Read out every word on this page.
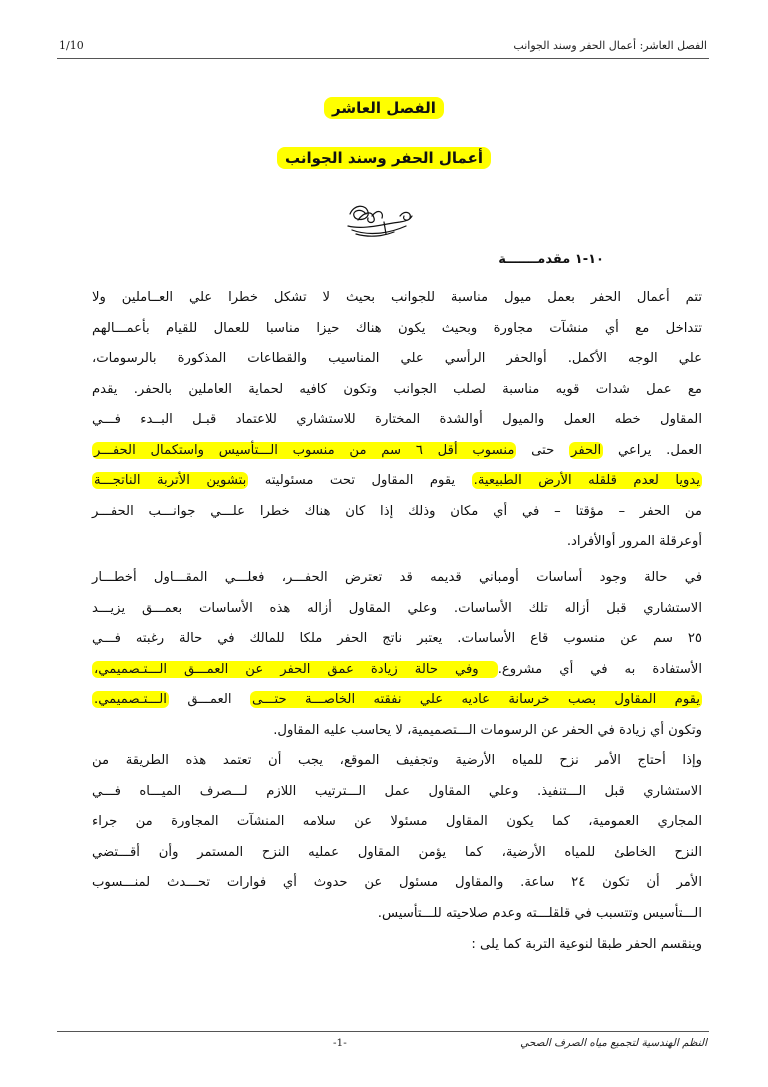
الفصل العاشر: أعمال الحفر وسند الجوانب
1/10
الفصل العاشر
أعمال الحفر وسند الجوانب
١٠-١ مقدمـــــــة
تتم أعمال الحفر بعمل ميول مناسبة للجوانب بحيث لا تشكل خطرا علي العــاملين ولا
تتداخل مع أي منشآت مجاورة وبحيث يكون هناك حيزا مناسبا للعمال للقيام بأعمـــالهم
علي الوجه الأكمل. أوالحفر الرأسي علي المناسيب والقطاعات المذكورة بالرسومات،
مع عمل شدات قويه مناسبة لصلب الجوانب وتكون كافيه لحماية العاملين بالحفر. يقدم
المقاول خطه العمل والميول أوالشدة المختارة للاستشاري للاعتماد قبـل البــدء فـــي
العمل. يراعي الحفر حتى منسوب أقل ٦ سم من منسوب الـــتأسيس واستكمال الحفـــر
يدويا لعدم قلقله الأرض الطبيعية. يقوم المقاول تحت مسئوليته بتشوين الأتربة الناتجـــة
من الحفر – مؤقتا – في أي مكان وذلك إذا كان هناك خطرا علـــي جوانـــب الحفـــر
أوعرقلة المرور أوالأفراد.
في حالة وجود أساسات أومباني قديمه قد تعترض الحفـــر، فعلـــي المقـــاول أخطـــار
الاستشاري قبل أزاله تلك الأساسات. وعلي المقاول أزاله هذه الأساسات بعمـــق يزيـــد
٢٥ سم عن منسوب قاع الأساسات. يعتبر ناتج الحفر ملكا للمالك في حالة رغبته فـــي
الأستفادة به في أي مشروع. وفي حالة زيادة عمق الحفر عن العمـــق الـــتـصميمي،
يقوم المقاول بصب خرسانة عاديه علي نفقته الخاصـــة حتـــى العمـــق الـــتـصميمي.
وتكون أي زيادة في الحفر عن الرسومات الـــتصميمية، لا يحاسب عليه المقاول.
وإذا أحتاج الأمر نزح للمياه الأرضية وتجفيف الموقع، يجب أن تعتمد هذه الطريقة من
الاستشاري قبل الـــتنفيذ. وعلي المقاول عمل الـــترتيب اللازم لـــصرف الميـــاه فـــي
المجاري العمومية، كما يكون المقاول مسئولا عن سلامه المنشآت المجاورة من جراء
النزح الخاطئ للمياه الأرضية، كما يؤمن المقاول عمليه النزح المستمر وأن أقـــتضي
الأمر أن تكون ٢٤ ساعة. والمقاول مسئول عن حدوث أي فوارات تحـــدث لمنـــسوب
الـــتأسيس وتتسبب في قلقلـــته وعدم صلاحيته للـــتأسيس.
وينقسم الحفر طبقا لنوعية التربة كما يلى :
النظم الهندسية لتجميع مياه الصرف الصحي
-1-
